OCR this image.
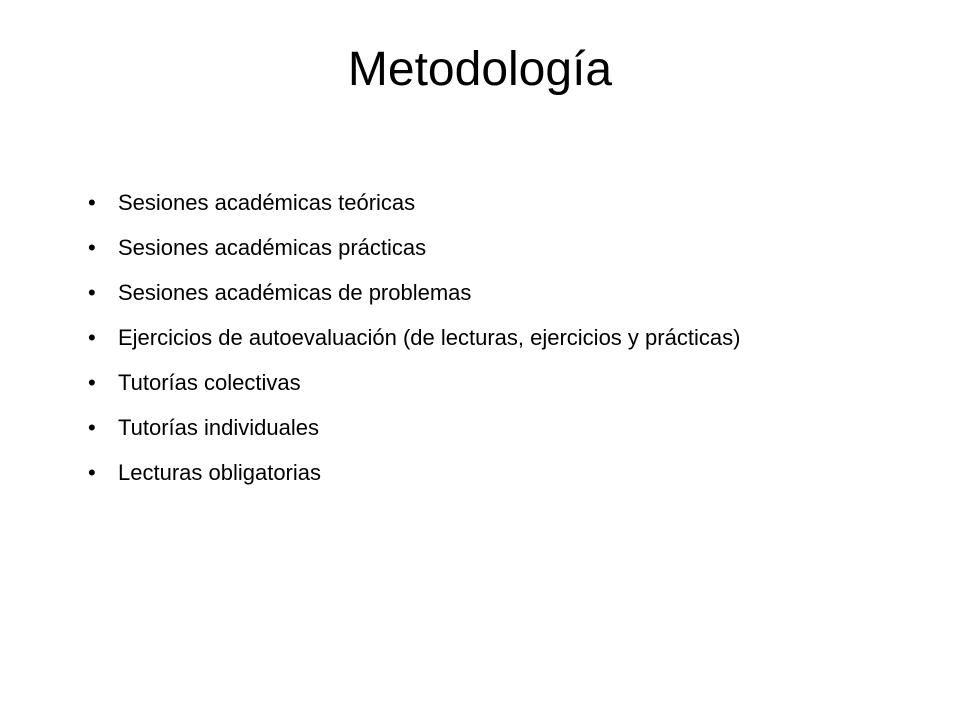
Metodología
• Sesiones académicas teóricas
• Sesiones académicas prácticas
• Sesiones académicas de problemas
• Ejercicios de autoevaluación (de lecturas, ejercicios y prácticas)
• Tutorías colectivas
• Tutorías individuales
• Lecturas obligatorias
